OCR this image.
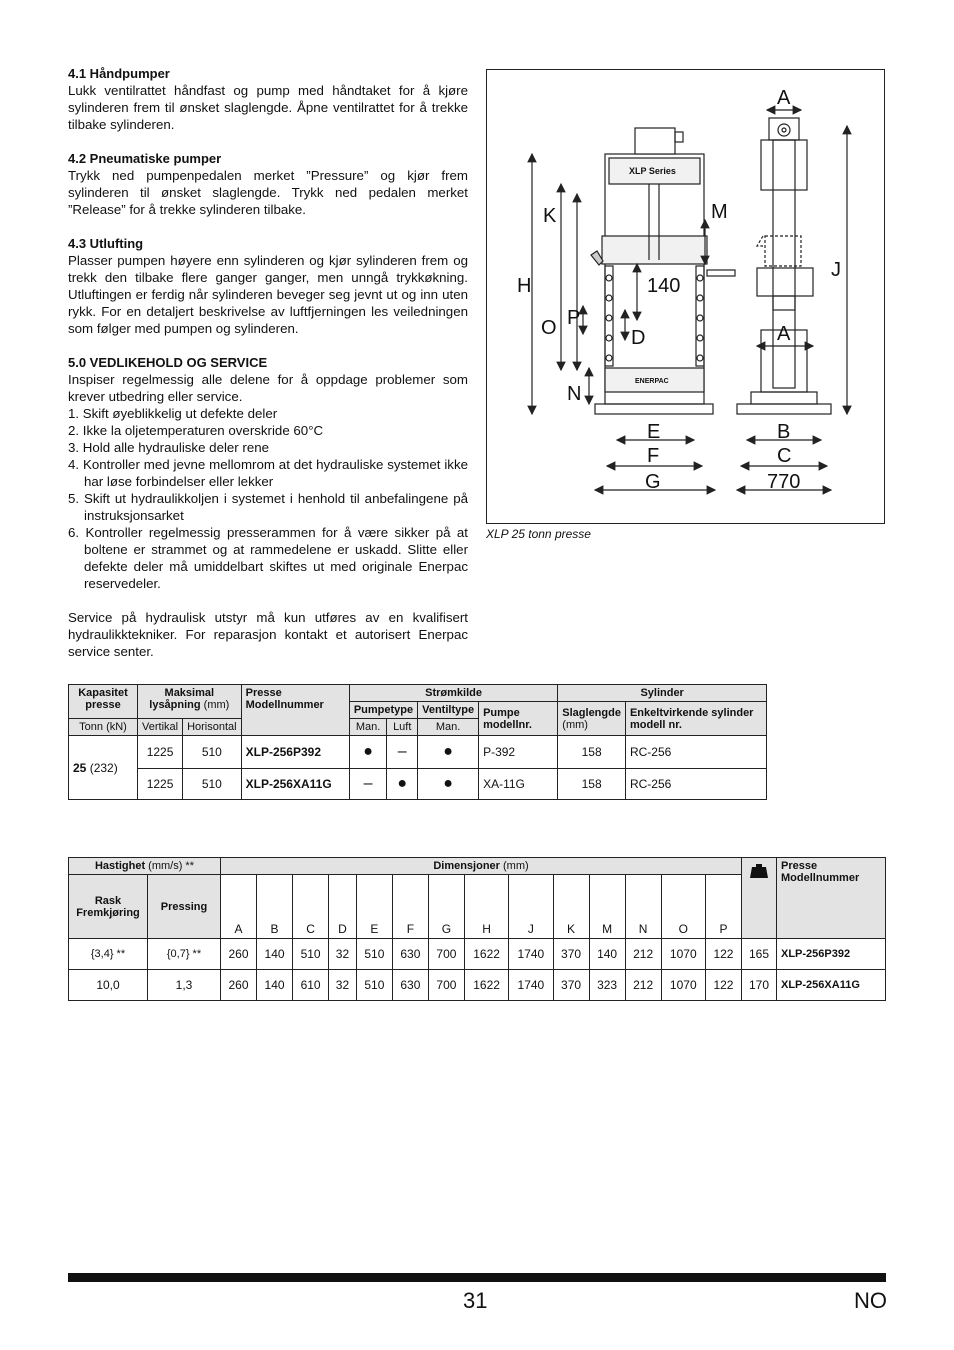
4.1 Håndpumper

Lukk ventilrattet håndfast og pump med håndtaket for å kjøre sylinderen frem til ønsket slaglengde. Åpne ventilrattet for å trekke tilbake sylinderen.

4.2 Pneumatiske pumper

Trykk ned pumpenpedalen merket ”Pressure” og kjør frem sylinderen til ønsket slaglengde. Trykk ned pedalen merket ”Release” for å trekke sylinderen tilbake.

4.3 Utlufting

Plasser pumpen høyere enn sylinderen og kjør sylinderen frem og trekk den tilbake flere ganger ganger, men unngå trykkøkning. Utluftingen er ferdig når sylinderen beveger seg jevnt ut og inn uten rykk. For en detaljert beskrivelse av luftfjerningen les veiledningen som følger med pumpen og sylinderen.

5.0 VEDLIKEHOLD OG SERVICE
Inspiser regelmessig alle delene for å oppdage problemer som krever utbedring eller service.
1. Skift øyeblikkelig ut defekte deler
2. Ikke la oljetemperaturen overskride 60°C
3. Hold alle hydrauliske deler rene
4. Kontroller med jevne mellomrom at det hydrauliske systemet ikke har løse forbindelser eller lekker
5. Skift ut hydraulikkoljen i systemet i henhold til anbefalingene på instruksjonsarket
6. Kontroller regelmessig presserammen for å være sikker på at boltene er strammet og at rammedelene er uskadd. Slitte eller defekte deler må umiddelbart skiftes ut med originale Enerpac reservedeler.

Service på hydraulisk utstyr må kun utføres av en kvalifisert hydraulikktekniker. For reparasjon kontakt et autorisert Enerpac service senter.

A
K	M
H
J
140
P
O	D	A
N
E	B
F	C
G	770
XLP Series
ENERPAC
XLP 25 tonn presse
Kapasitet presse	Maksimal
lysåpning (mm)		Presse Modellnummer	Strømkilde				Sylinder	
				Pumpetype		Ventiltype	Pumpe modellnr.	Slaglengde
(mm)	Enkeltvirkende sylinder modell nr.
Tonn (kN)	Vertikal	Horisontal		Man.	Luft	Man.			
25 (232)	1225	510	XLP-256P392	●	–	●	P-392	158	RC-256
	1225	510	XLP-256XA11G	–	●	●	XA-11G	158	RC-256
Hastighet (mm/s) **		Dimensjoner (mm)															Presse Modellnummer
Rask Fremkjøring	Pressing	A	B	C	D	E	F	G	H	J	K	M	N	O	P		
{3,4} **	{0,7} **	260	140	510	32	510	630	700	1622	1740	370	140	212	1070	122	165	XLP-256P392
10,0	1,3	260	140	610	32	510	630	700	1622	1740	370	323	212	1070	122	170	XLP-256XA11G
31	NO
